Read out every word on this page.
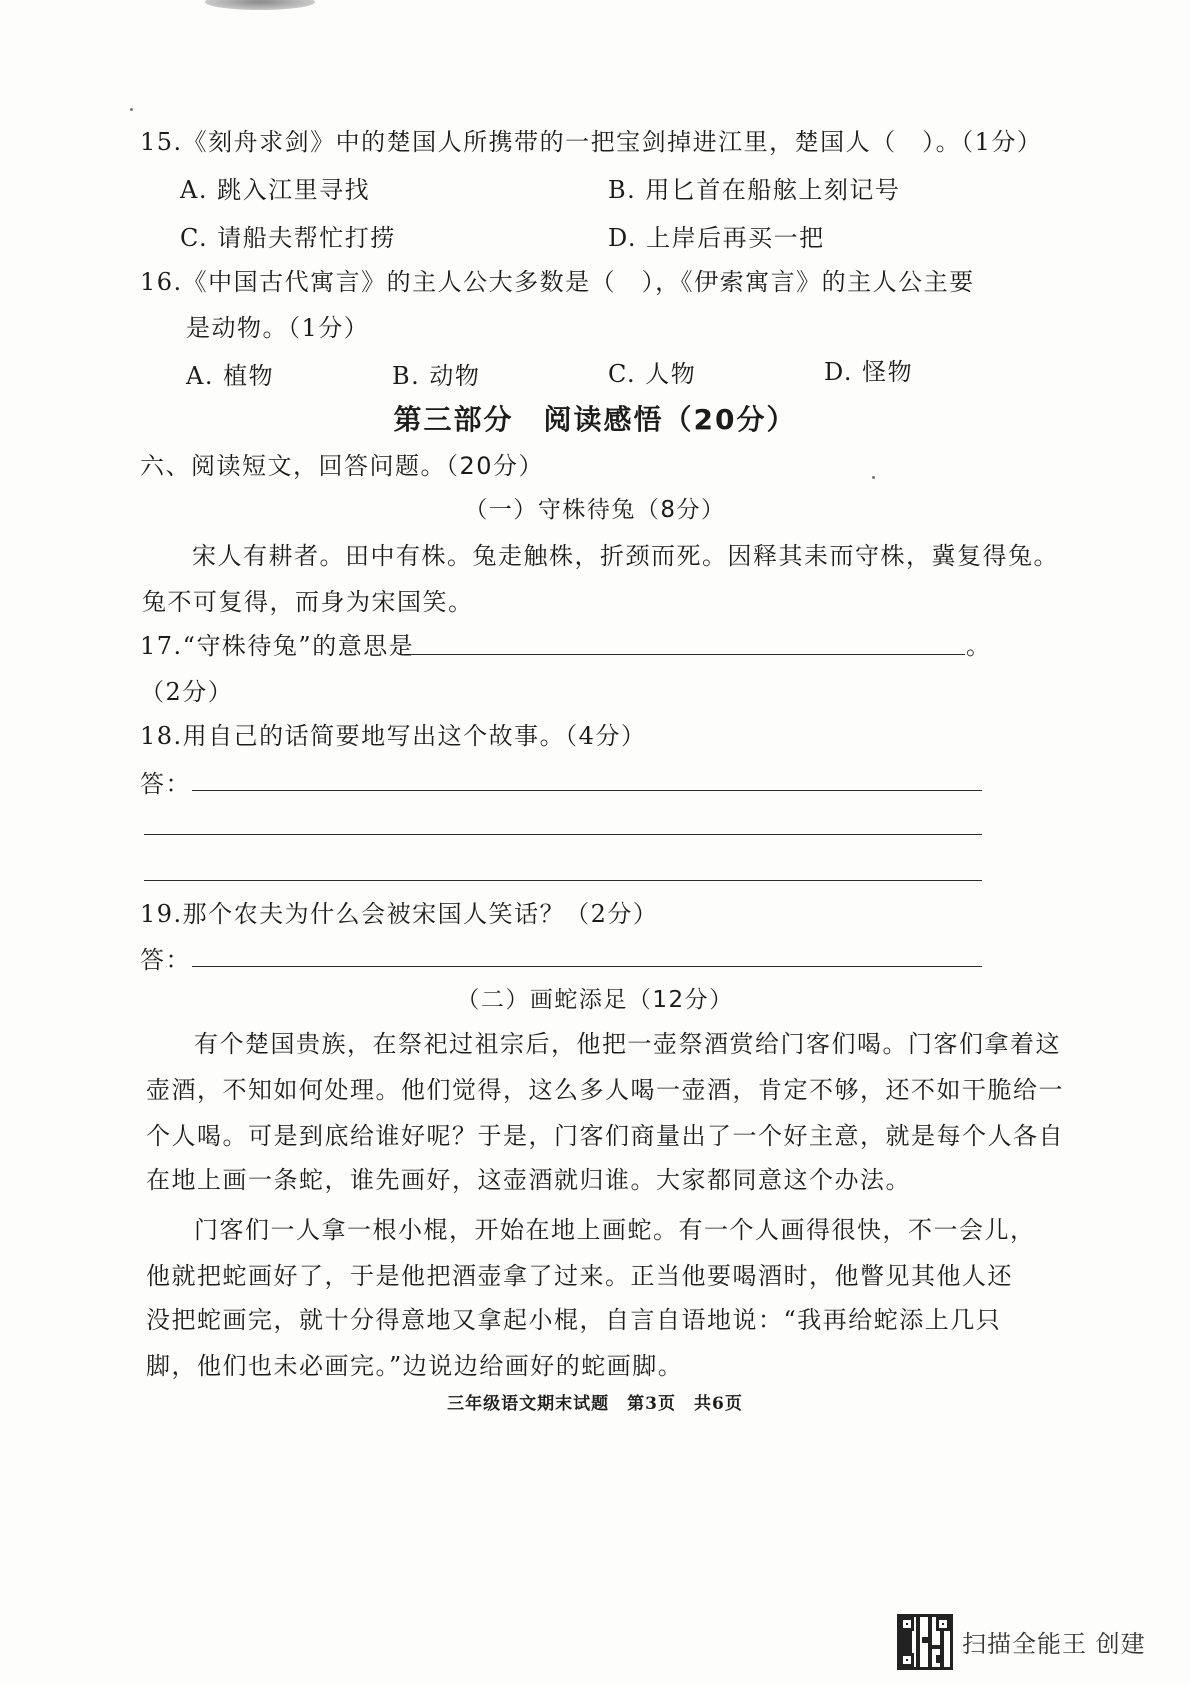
15.《刻舟求剑》中的楚国人所携带的一把宝剑掉进江里，楚国人（　）。（1分）
A. 跳入江里寻找	B. 用匕首在船舷上刻记号
C. 请船夫帮忙打捞	D. 上岸后再买一把
16.《中国古代寓言》的主人公大多数是（　），《伊索寓言》的主人公主要
是动物。（1分）
A. 植物	B. 动物	C. 人物	D. 怪物
第三部分　阅读感悟（20分）
六、阅读短文，回答问题。（20分）
（一）守株待兔（8分）
宋人有耕者。田中有株。兔走触株，折颈而死。因释其耒而守株，冀复得兔。
兔不可复得，而身为宋国笑。
17.“守株待兔”的意思是	。
（2分）
18.用自己的话简要地写出这个故事。（4分）
答：
19.那个农夫为什么会被宋国人笑话？（2分）
答：
（二）画蛇添足（12分）
有个楚国贵族，在祭祀过祖宗后，他把一壶祭酒赏给门客们喝。门客们拿着这
壶酒，不知如何处理。他们觉得，这么多人喝一壶酒，肯定不够，还不如干脆给一
个人喝。可是到底给谁好呢？于是，门客们商量出了一个好主意，就是每个人各自
在地上画一条蛇，谁先画好，这壶酒就归谁。大家都同意这个办法。
门客们一人拿一根小棍，开始在地上画蛇。有一个人画得很快，不一会儿，
他就把蛇画好了，于是他把酒壶拿了过来。正当他要喝酒时，他瞥见其他人还
没把蛇画完，就十分得意地又拿起小棍，自言自语地说：“我再给蛇添上几只
脚，他们也未必画完。”边说边给画好的蛇画脚。
三年级语文期末试题　第3页　共6页
扫描全能王 创建
